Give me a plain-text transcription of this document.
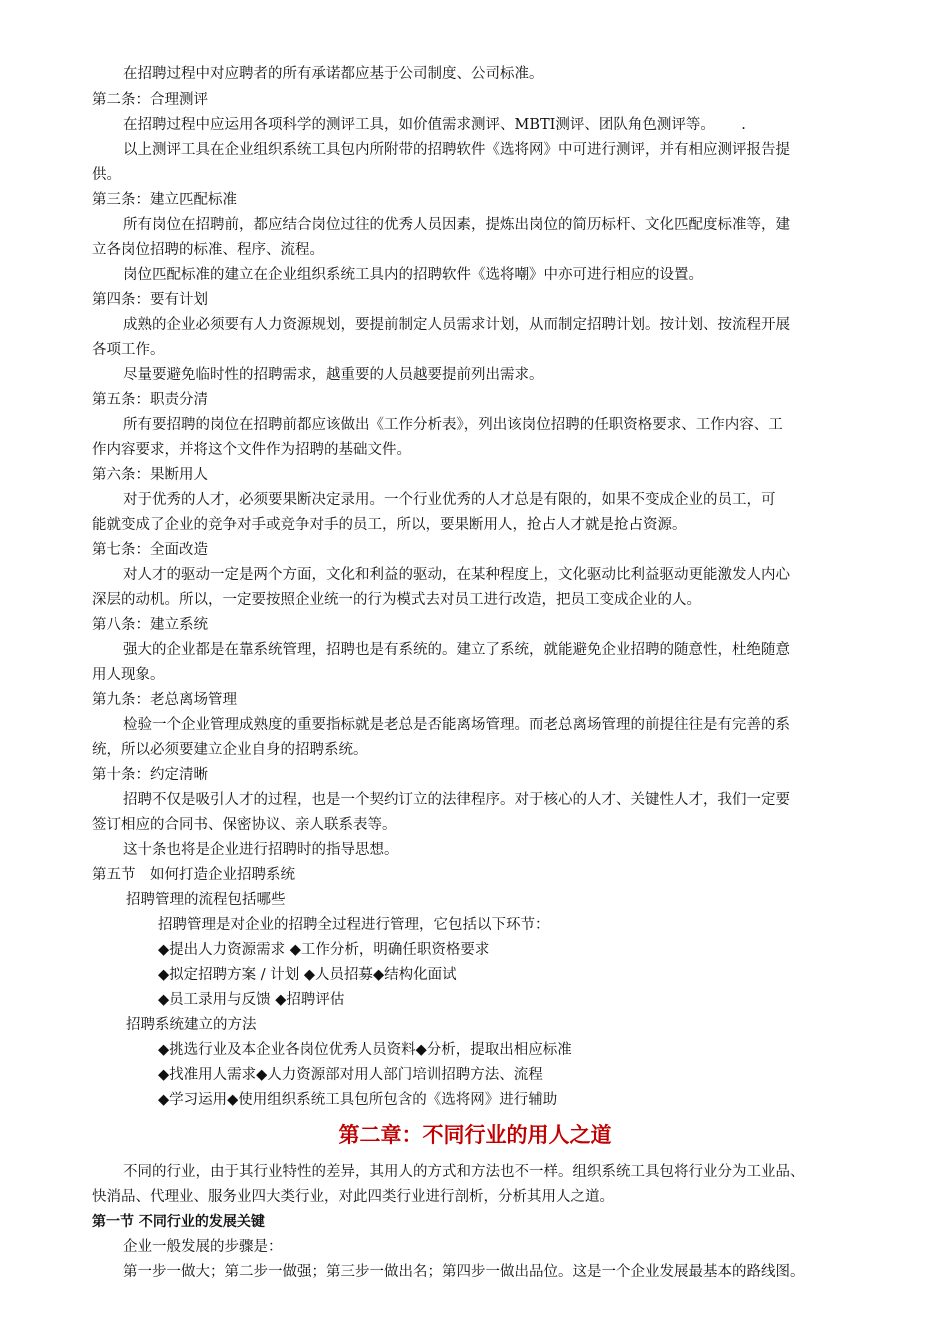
在招聘过程中对应聘者的所有承诺都应基于公司制度、公司标准。
第二条：合理测评
在招聘过程中应运用各项科学的测评工具，如价值需求测评、MBTI测评、团队角色测评等。　　 .
以上测评工具在企业组织系统工具包内所附带的招聘软件《选将网》中可进行测评，并有相应测评报告提
供。
第三条：建立匹配标准
所有岗位在招聘前，都应结合岗位过往的优秀人员因素，提炼出岗位的简历标杆、文化匹配度标准等，建
立各岗位招聘的标准、程序、流程。
岗位匹配标准的建立在企业组织系统工具内的招聘软件《选将嘲》中亦可进行相应的设置。
第四条：要有计划
成熟的企业必须要有人力资源规划，要提前制定人员需求计划，从而制定招聘计划。按计划、按流程开展
各项工作。
尽量要避免临时性的招聘需求，越重要的人员越要提前列出需求。
第五条：职责分清
所有要招聘的岗位在招聘前都应该做出《工作分析表》，列出该岗位招聘的任职资格要求、工作内容、工
作内容要求，并将这个文件作为招聘的基础文件。
第六条：果断用人
对于优秀的人才，必须要果断决定录用。一个行业优秀的人才总是有限的，如果不变成企业的员工，可
能就变成了企业的竞争对手或竞争对手的员工，所以，要果断用人，抢占人才就是抢占资源。
第七条：全面改造
对人才的驱动一定是两个方面，文化和利益的驱动，在某种程度上，文化驱动比利益驱动更能激发人内心
深层的动机。所以，一定要按照企业统一的行为模式去对员工进行改造，把员工变成企业的人。
第八条：建立系统
强大的企业都是在靠系统管理，招聘也是有系统的。建立了系统，就能避免企业招聘的随意性，杜绝随意
用人现象。
第九条：老总离场管理
检验一个企业管理成熟度的重要指标就是老总是否能离场管理。而老总离场管理的前提往往是有完善的系
统，所以必须要建立企业自身的招聘系统。
第十条：约定清晰
招聘不仅是吸引人才的过程，也是一个契约订立的法律程序。对于核心的人才、关键性人才，我们一定要
签订相应的合同书、保密协议、亲人联系表等。
这十条也将是企业进行招聘时的指导思想。
第五节　如何打造企业招聘系统
招聘管理的流程包括哪些
招聘管理是对企业的招聘全过程进行管理，它包括以下环节：
◆提出人力资源需求 ◆工作分析，明确任职资格要求
◆拟定招聘方案 / 计划 ◆人员招募◆结构化面试
◆员工录用与反馈 ◆招聘评估
招聘系统建立的方法
◆挑选行业及本企业各岗位优秀人员资料◆分析，提取出相应标准
◆找准用人需求◆人力资源部对用人部门培训招聘方法、流程
◆学习运用◆使用组织系统工具包所包含的《选将网》进行辅助
第二章：不同行业的用人之道
不同的行业，由于其行业特性的差异，其用人的方式和方法也不一样。组织系统工具包将行业分为工业品、
快消品、代理业、服务业四大类行业，对此四类行业进行剖析，分析其用人之道。
第一节 不同行业的发展关键
企业一般发展的步骤是：
第一步一做大；第二步一做强；第三步一做出名；第四步一做出品位。这是一个企业发展最基本的路线图。
